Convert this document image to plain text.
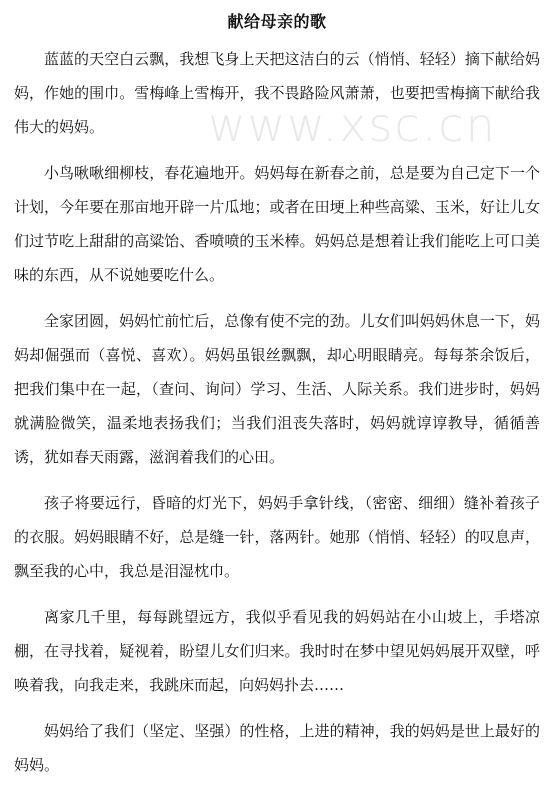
献给母亲的歌

蓝蓝的天空白云飘，我想飞身上天把这洁白的云（悄悄、轻轻）摘下献给妈妈，作她的围巾。雪梅峰上雪梅开，我不畏路险风萧萧，也要把雪梅摘下献给我伟大的妈妈。

小鸟啾啾细柳枝，春花遍地开。妈妈每在新春之前，总是要为自己定下一个计划，今年要在那亩地开辟一片瓜地；或者在田埂上种些高粱、玉米，好让儿女们过节吃上甜甜的高粱饴、香喷喷的玉米棒。妈妈总是想着让我们能吃上可口美味的东西，从不说她要吃什么。

全家团圆，妈妈忙前忙后，总像有使不完的劲。儿女们叫妈妈休息一下，妈妈却倔强而（喜悦、喜欢）。妈妈虽银丝飘飘，却心明眼睛亮。每每茶余饭后，把我们集中在一起，（查问、询问）学习、生活、人际关系。我们进步时，妈妈就满脸微笑，温柔地表扬我们；当我们沮丧失落时，妈妈就谆谆教导，循循善诱，犹如春天雨露，滋润着我们的心田。

孩子将要远行，昏暗的灯光下，妈妈手拿针线，（密密、细细）缝补着孩子的衣服。妈妈眼睛不好，总是缝一针，落两针。她那（悄悄、轻轻）的叹息声，飘至我的心中，我总是泪湿枕巾。

离家几千里，每每跳望远方，我似乎看见我的妈妈站在小山坡上，手塔凉棚，在寻找着，疑视着，盼望儿女们归来。我时时在梦中望见妈妈展开双壁，呼唤着我，向我走来，我跳床而起，向妈妈扑去……

妈妈给了我们（坚定、坚强）的性格，上进的精神，我的妈妈是世上最好的妈妈。

www.xsc.cn
